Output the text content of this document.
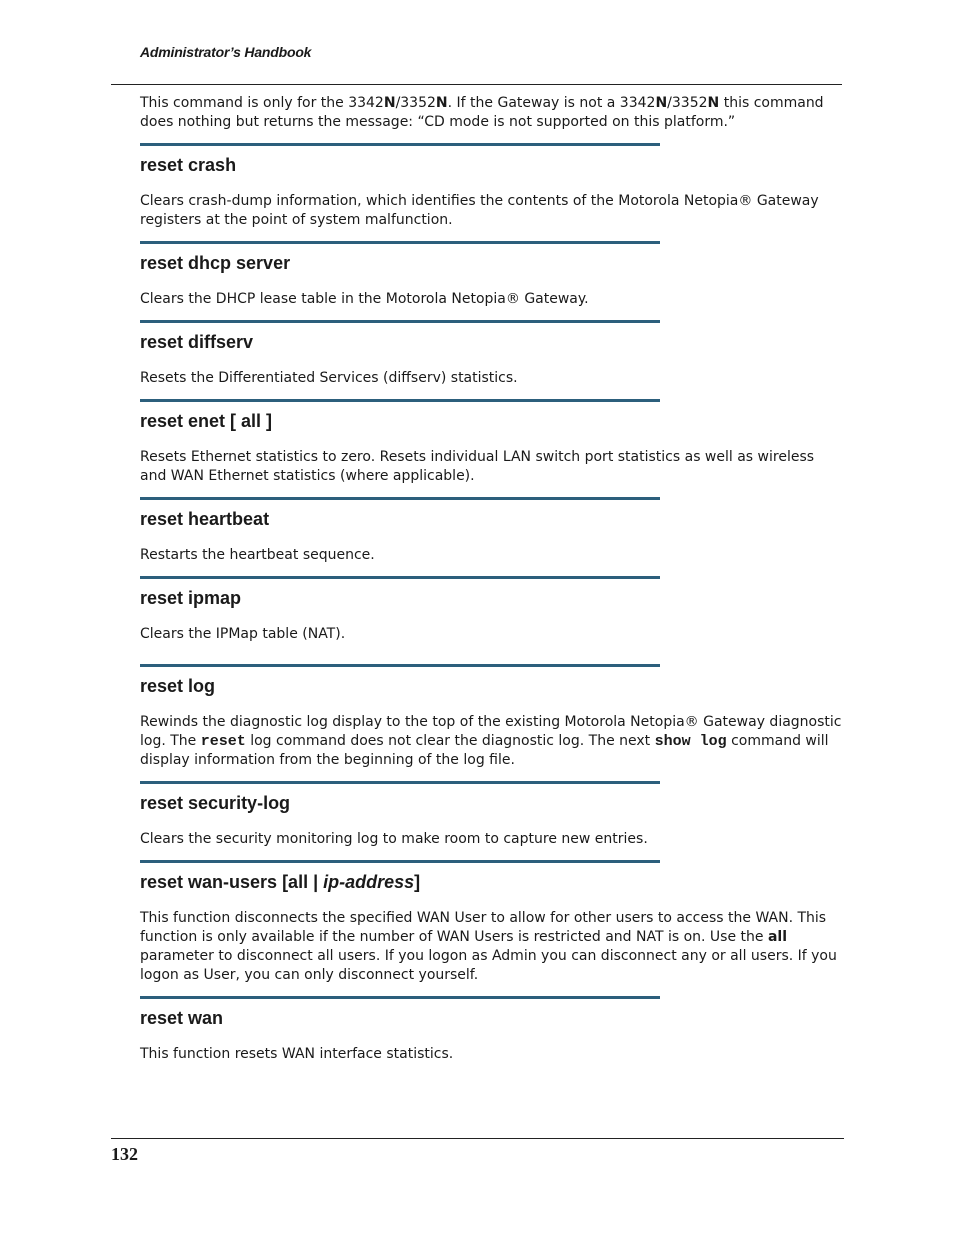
Administrator’s Handbook

This command is only for the 3342N/3352N. If the Gateway is not a 3342N/3352N this command does nothing but returns the message: “CD mode is not supported on this platform.”

reset crash

Clears crash-dump information, which identifies the contents of the Motorola Netopia® Gateway registers at the point of system malfunction.

reset dhcp server

Clears the DHCP lease table in the Motorola Netopia® Gateway.

reset diffserv

Resets the Differentiated Services (diffserv) statistics.

reset enet [ all ]

Resets Ethernet statistics to zero. Resets individual LAN switch port statistics as well as wireless and WAN Ethernet statistics (where applicable).

reset heartbeat

Restarts the heartbeat sequence.

reset ipmap

Clears the IPMap table (NAT).

reset log

Rewinds the diagnostic log display to the top of the existing Motorola Netopia® Gateway diagnostic log. The reset log command does not clear the diagnostic log. The next show log command will display information from the beginning of the log file.

reset security-log

Clears the security monitoring log to make room to capture new entries.

reset wan-users [all | ip-address]

This function disconnects the specified WAN User to allow for other users to access the WAN. This function is only available if the number of WAN Users is restricted and NAT is on. Use the all parameter to disconnect all users. If you logon as Admin you can disconnect any or all users. If you logon as User, you can only disconnect yourself.

reset wan

This function resets WAN interface statistics.

132
